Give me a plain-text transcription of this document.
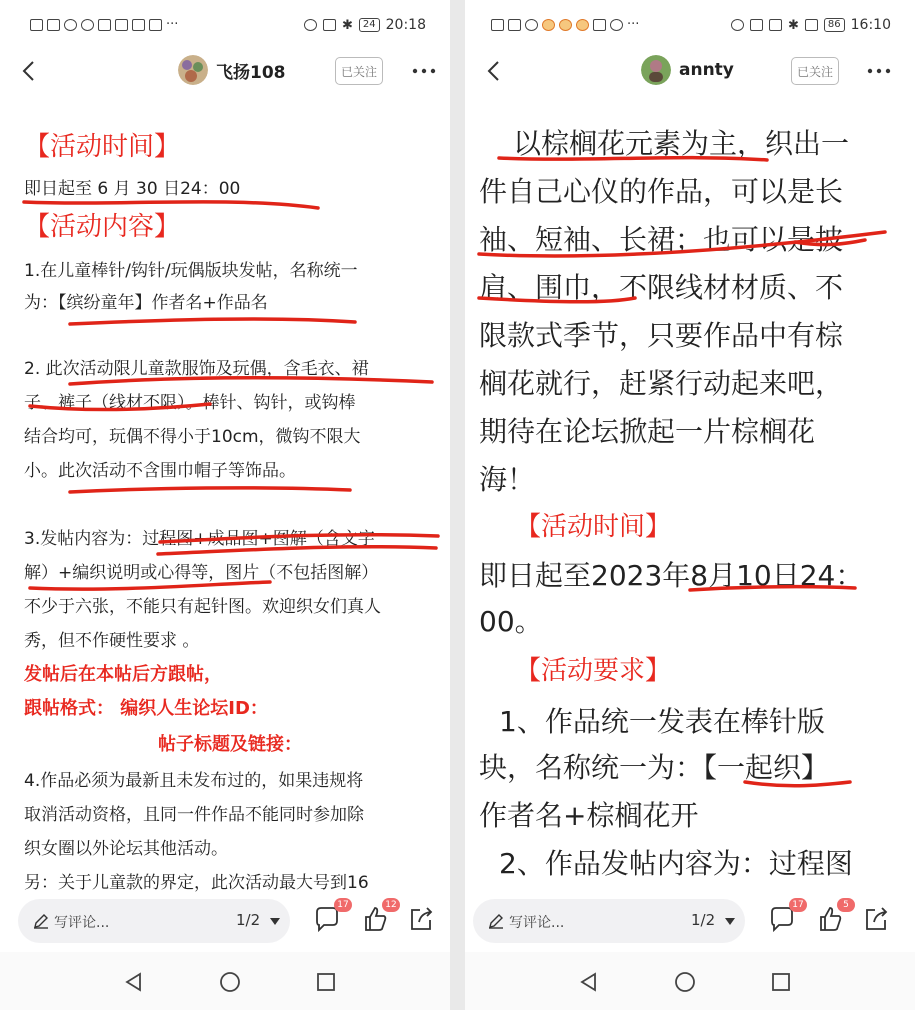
···	✱	24 20:18
飞扬108	已关注
【活动时间】
即日起至 6 月 30 日24：00
【活动内容】
1.在儿童棒针/钩针/玩偶版块发帖，名称统一
为：【缤纷童年】作者名+作品名
2. 此次活动限儿童款服饰及玩偶，含毛衣、裙
子、裤子（线材不限）。棒针、钩针，或钩棒
结合均可，玩偶不得小于10cm，微钩不限大
小。此次活动不含围巾帽子等饰品。
3.发帖内容为：过程图+成品图+图解（含文字
解）+编织说明或心得等，图片（不包括图解）
不少于六张，不能只有起针图。欢迎织女们真人
秀，但不作硬性要求 。
发帖后在本帖后方跟帖，
跟帖格式： 编织人生论坛ID：
帖子标题及链接：
4.作品必须为最新且未发布过的，如果违规将
取消活动资格，且同一件作品不能同时参加除
织女圈以外论坛其他活动。
另：关于儿童款的界定，此次活动最大号到16
写评论...	1/2
17	12
···	✱	86 16:10
annty	已关注
以棕榈花元素为主，织出一
件自己心仪的作品，可以是长
袖、短袖、长裙；也可以是披
肩、围巾，不限线材材质、不
限款式季节，只要作品中有棕
榈花就行，赶紧行动起来吧，
期待在论坛掀起一片棕榈花
海！
【活动时间】
即日起至2023年8月10日24：
00。
【活动要求】
1、作品统一发表在棒针版
块，名称统一为：【一起织】
作者名+棕榈花开
2、作品发帖内容为：过程图
写评论...	1/2
17	5
